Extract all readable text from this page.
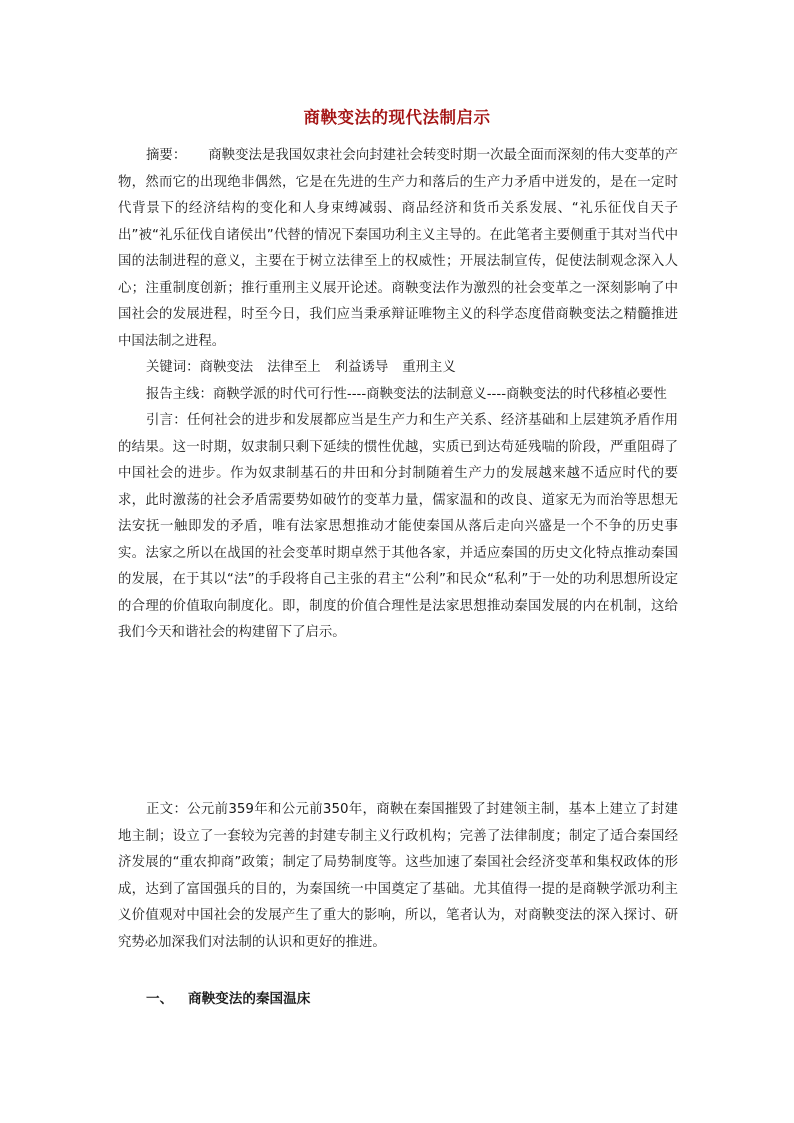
商鞅变法的现代法制启示

摘要： 商鞅变法是我国奴隶社会向封建社会转变时期一次最全面而深刻的伟大变革的产物，然而它的出现绝非偶然，它是在先进的生产力和落后的生产力矛盾中迸发的，是在一定时代背景下的经济结构的变化和人身束缚减弱、商品经济和货币关系发展、“礼乐征伐自天子出”被“礼乐征伐自诸侯出”代替的情况下秦国功利主义主导的。在此笔者主要侧重于其对当代中国的法制进程的意义，主要在于树立法律至上的权威性；开展法制宣传，促使法制观念深入人心；注重制度创新；推行重刑主义展开论述。商鞅变法作为激烈的社会变革之一深刻影响了中国社会的发展进程，时至今日，我们应当秉承辩证唯物主义的科学态度借商鞅变法之精髓推进中国法制之进程。

关键词：商鞅变法 法律至上 利益诱导 重刑主义

报告主线：商鞅学派的时代可行性----商鞅变法的法制意义----商鞅变法的时代移植必要性

引言：任何社会的进步和发展都应当是生产力和生产关系、经济基础和上层建筑矛盾作用的结果。这一时期，奴隶制只剩下延续的惯性优越，实质已到达苟延残喘的阶段，严重阻碍了中国社会的进步。作为奴隶制基石的井田和分封制随着生产力的发展越来越不适应时代的要求，此时激荡的社会矛盾需要势如破竹的变革力量，儒家温和的改良、道家无为而治等思想无法安抚一触即发的矛盾，唯有法家思想推动才能使秦国从落后走向兴盛是一个不争的历史事实。法家之所以在战国的社会变革时期卓然于其他各家，并适应秦国的历史文化特点推动秦国的发展，在于其以“法”的手段将自己主张的君主“公利”和民众“私利”于一处的功利思想所设定的合理的价值取向制度化。即，制度的价值合理性是法家思想推动秦国发展的内在机制，这给我们今天和谐社会的构建留下了启示。

正文：公元前359年和公元前350年，商鞅在秦国摧毁了封建领主制，基本上建立了封建地主制；设立了一套较为完善的封建专制主义行政机构；完善了法律制度；制定了适合秦国经济发展的“重农抑商”政策；制定了局势制度等。这些加速了秦国社会经济变革和集权政体的形成，达到了富国强兵的目的，为秦国统一中国奠定了基础。尤其值得一提的是商鞅学派功利主义价值观对中国社会的发展产生了重大的影响，所以，笔者认为，对商鞅变法的深入探讨、研究势必加深我们对法制的认识和更好的推进。

一、 商鞅变法的秦国温床
